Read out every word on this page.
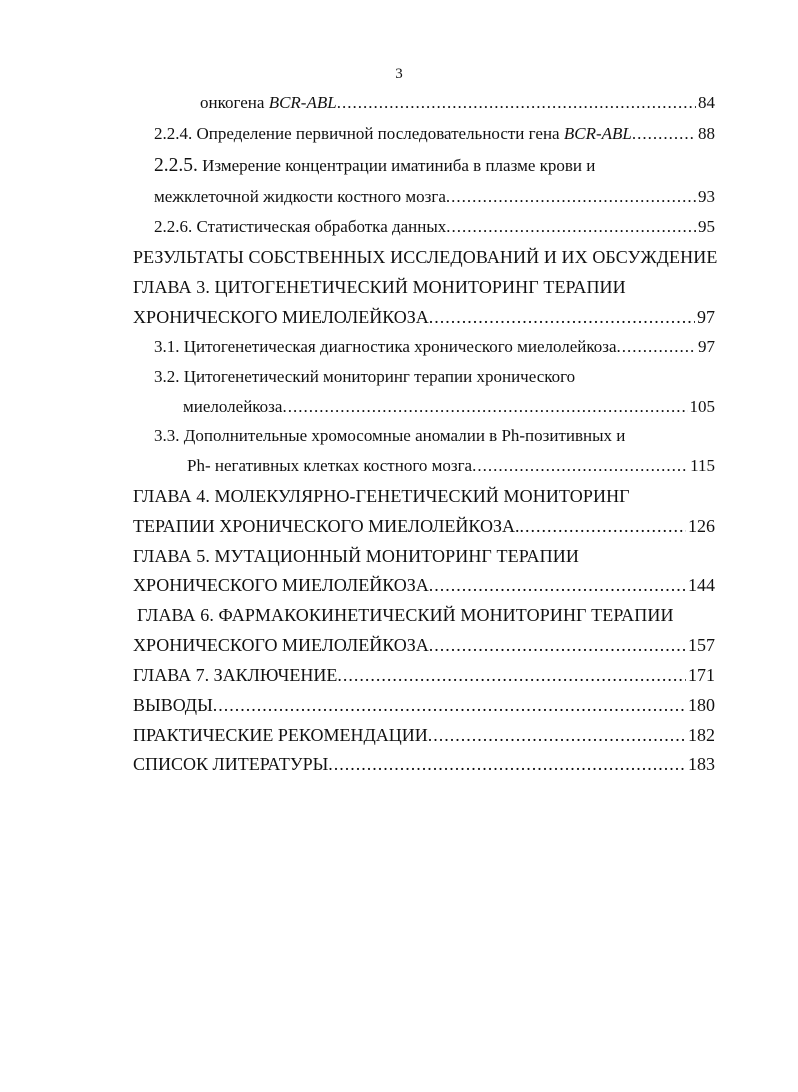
3
онкогена BCR-ABL .....	84
2.2.4. Определение первичной последовательности гена BCR-ABL .....	88
2.2.5. Измерение концентрации иматиниба в плазме крови и
межклеточной жидкости костного мозга .....	93
2.2.6. Статистическая обработка данных .....	95
РЕЗУЛЬТАТЫ СОБСТВЕННЫХ ИССЛЕДОВАНИЙ И ИХ ОБСУЖДЕНИЕ
ГЛАВА 3. ЦИТОГЕНЕТИЧЕСКИЙ МОНИТОРИНГ ТЕРАПИИ
ХРОНИЧЕСКОГО МИЕЛОЛЕЙКОЗА .....	97
3.1. Цитогенетическая диагностика хронического миелолейкоза .....	97
3.2. Цитогенетический мониторинг терапии хронического
миелолейкоза .....	105
3.3. Дополнительные хромосомные аномалии в Ph-позитивных и
Ph- негативных клетках костного мозга .....	115
ГЛАВА 4. МОЛЕКУЛЯРНО-ГЕНЕТИЧЕСКИЙ МОНИТОРИНГ
ТЕРАПИИ ХРОНИЧЕСКОГО МИЕЛОЛЕЙКОЗА. .....	126
ГЛАВА 5. МУТАЦИОННЫЙ МОНИТОРИНГ ТЕРАПИИ
ХРОНИЧЕСКОГО МИЕЛОЛЕЙКОЗА .....	144
ГЛАВА 6. ФАРМАКОКИНЕТИЧЕСКИЙ МОНИТОРИНГ ТЕРАПИИ
ХРОНИЧЕСКОГО МИЕЛОЛЕЙКОЗА .....	157
ГЛАВА 7. ЗАКЛЮЧЕНИЕ .....	171
ВЫВОДЫ .....	180
ПРАКТИЧЕСКИЕ РЕКОМЕНДАЦИИ .....	182
СПИСОК ЛИТЕРАТУРЫ .....	183
